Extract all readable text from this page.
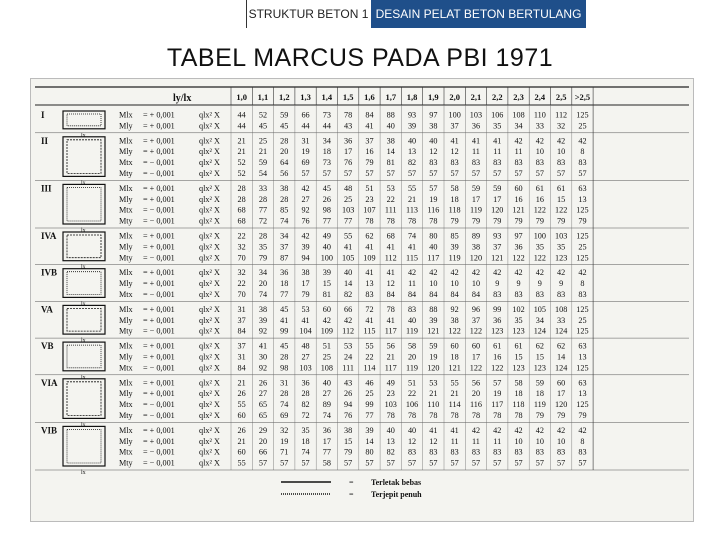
STRUKTUR BETON 1 DESAIN PELAT BETON BERTULANG
TABEL MARCUS PADA PBI 1971
ly/lx	1,0 1,1 1,2 1,3 1,4 1,5 1,6 1,7 1,8 1,9 2,0 2,1 2,2 2,3 2,4 2,5 >2,5
I
lx
Mlx = + 0,001	qlx² X 44 52 59 66 73 78 84 88 93 97 100 103 106 108 110 112 125
Mly = + 0,001	qlx² X 44 45 45 44 44 43 41 40 39 38 37 36 35 34 33 32 25
II
lx
Mlx = + 0,001	qlx² X 21 25 28 31 34 36 37 38 40 40 41 41 41 42 42 42 42
Mly = + 0,001	qlx² X 21 21 20 19 18 17 16 14 13 12 12 11 11 11 10 10 8
Mtx = − 0,001	qlx² X 52 59 64 69 73 76 79 81 82 83 83 83 83 83 83 83 83
Mty = − 0,001	qlx² X 52 54 56 57 57 57 57 57 57 57 57 57 57 57 57 57 57
III
lx
Mlx = + 0,001	qlx² X 28 33 38 42 45 48 51 53 55 57 58 59 59 60 61 61 63
Mly = + 0,001	qlx² X 28 28 28 27 26 25 23 22 21 19 18 17 17 16 16 15 13
Mtx = − 0,001	qlx² X 68 77 85 92 98 103 107 111 113 116 118 119 120 121 122 122 125
Mty = − 0,001	qlx² X 68 72 74 76 77 77 78 78 78 78 79 79 79 79 79 79 79
IVA
lx
Mlx = + 0,001	qlx² X 22 28 34 42 49 55 62 68 74 80 85 89 93 97 100 103 125
Mly = + 0,001	qlx² X 32 35 37 39 40 41 41 41 41 40 39 38 37 36 35 35 25
Mty = − 0,001	qlx² X 70 79 87 94 100 105 109 112 115 117 119 120 121 122 122 123 125
IVB
lx
Mlx = + 0,001	qlx² X 32 34 36 38 39 40 41 41 42 42 42 42 42 42 42 42 42
Mly = + 0,001	qlx² X 22 20 18 17 15 14 13 12 11 10 10 10 9 9 9 9 8
Mtx = − 0,001	qlx² X 70 74 77 79 81 82 83 84 84 84 84 84 83 83 83 83 83
VA
lx
Mlx = + 0,001	qlx² X 31 38 45 53 60 66 72 78 83 88 92 96 99 102 105 108 125
Mly = + 0,001	qlx² X 37 39 41 41 42 42 41 41 40 39 38 37 36 35 34 33 25
Mty = − 0,001	qlx² X 84 92 99 104 109 112 115 117 119 121 122 122 123 123 124 124 125
VB
lx
Mlx = + 0,001	qlx² X 37 41 45 48 51 53 55 56 58 59 60 60 61 61 62 62 63
Mly = + 0,001	qlx² X 31 30 28 27 25 24 22 21 20 19 18 17 16 15 15 14 13
Mtx = − 0,001	qlx² X 84 92 98 103 108 111 114 117 119 120 121 122 122 123 123 124 125
VIA
lx
Mlx = + 0,001	qlx² X 21 26 31 36 40 43 46 49 51 53 55 56 57 58 59 60 63
Mly = + 0,001	qlx² X 26 27 28 28 27 26 25 23 22 21 21 20 19 18 18 17 13
Mtx = − 0,001	qlx² X 55 65 74 82 89 94 99 103 106 110 114 116 117 118 119 120 125
Mty = − 0,001	qlx² X 60 65 69 72 74 76 77 78 78 78 78 78 78 78 79 79 79
VIB
lx
Mlx = + 0,001	qlx² X 26 29 32 35 36 38 39 40 40 41 41 42 42 42 42 42 42
Mly = + 0,001	qlx² X 21 20 19 18 17 15 14 13 12 12 11 11 11 10 10 10 8
Mtx = − 0,001	qlx² X 60 66 71 74 77 79 80 82 83 83 83 83 83 83 83 83 83
Mty = − 0,001	qlx² X 55 57 57 57 58 57 57 57 57 57 57 57 57 57 57 57 57
= Terletak bebas
= Terjepit penuh
